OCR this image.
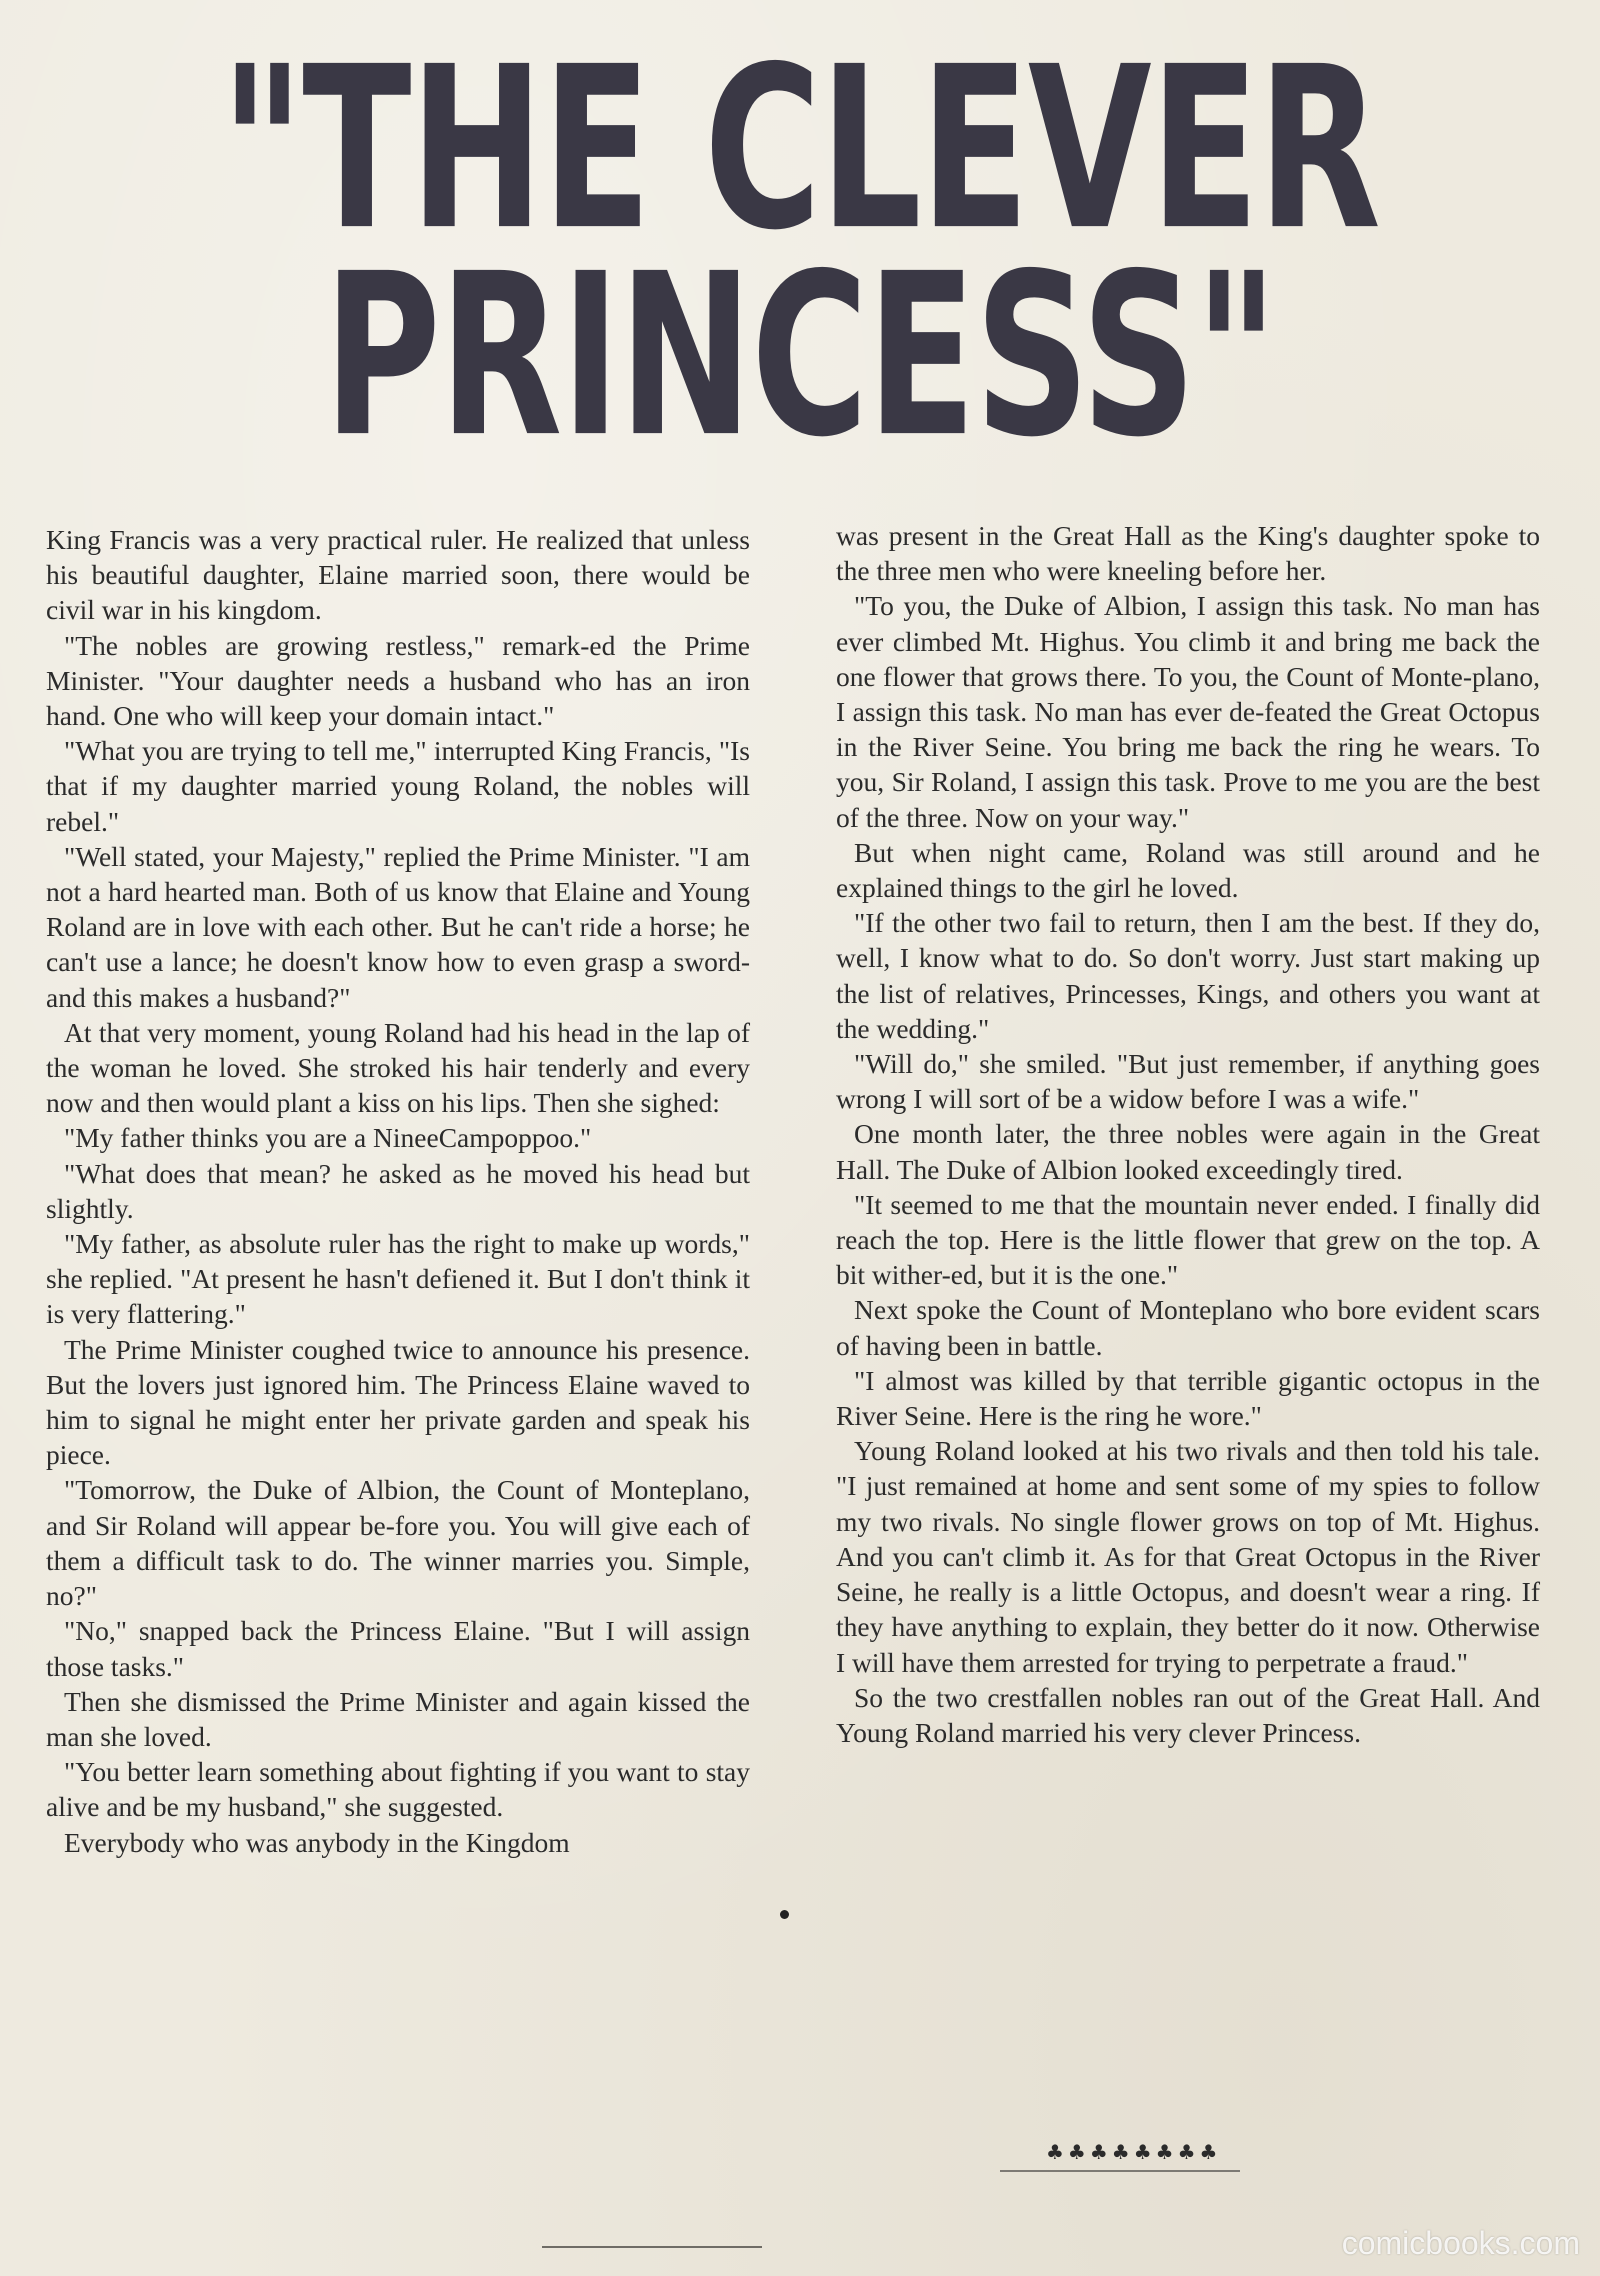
"THE CLEVER
PRINCESS"

King Francis was a very practical ruler. He realized that unless his beautiful daughter, Elaine married soon, there would be civil war in his kingdom.

"The nobles are growing restless," remark-ed the Prime Minister. "Your daughter needs a husband who has an iron hand. One who will keep your domain intact."

"What you are trying to tell me," interrupted King Francis, "Is that if my daughter married young Roland, the nobles will rebel."

"Well stated, your Majesty," replied the Prime Minister. "I am not a hard hearted man. Both of us know that Elaine and Young Roland are in love with each other. But he can't ride a horse; he can't use a lance; he doesn't know how to even grasp a sword-and this makes a husband?"

At that very moment, young Roland had his head in the lap of the woman he loved. She stroked his hair tenderly and every now and then would plant a kiss on his lips. Then she sighed:

"My father thinks you are a NineeCampoppoo."

"What does that mean? he asked as he moved his head but slightly.

"My father, as absolute ruler has the right to make up words," she replied. "At present he hasn't defiened it. But I don't think it is very flattering."

The Prime Minister coughed twice to announce his presence. But the lovers just ignored him. The Princess Elaine waved to him to signal he might enter her private garden and speak his piece.

"Tomorrow, the Duke of Albion, the Count of Monteplano, and Sir Roland will appear be-fore you. You will give each of them a difficult task to do. The winner marries you. Simple, no?"

"No," snapped back the Princess Elaine. "But I will assign those tasks."

Then she dismissed the Prime Minister and again kissed the man she loved.

"You better learn something about fighting if you want to stay alive and be my husband," she suggested.

Everybody who was anybody in the Kingdom

was present in the Great Hall as the King's daughter spoke to the three men who were kneeling before her.

"To you, the Duke of Albion, I assign this task. No man has ever climbed Mt. Highus. You climb it and bring me back the one flower that grows there. To you, the Count of Monte-plano, I assign this task. No man has ever de-feated the Great Octopus in the River Seine. You bring me back the ring he wears. To you, Sir Roland, I assign this task. Prove to me you are the best of the three. Now on your way."

But when night came, Roland was still around and he explained things to the girl he loved.

"If the other two fail to return, then I am the best. If they do, well, I know what to do. So don't worry. Just start making up the list of relatives, Princesses, Kings, and others you want at the wedding."

"Will do," she smiled. "But just remember, if anything goes wrong I will sort of be a widow before I was a wife."

One month later, the three nobles were again in the Great Hall. The Duke of Albion looked exceedingly tired.

"It seemed to me that the mountain never ended. I finally did reach the top. Here is the little flower that grew on the top. A bit wither-ed, but it is the one."

Next spoke the Count of Monteplano who bore evident scars of having been in battle.

"I almost was killed by that terrible gigantic octopus in the River Seine. Here is the ring he wore."

Young Roland looked at his two rivals and then told his tale. "I just remained at home and sent some of my spies to follow my two rivals. No single flower grows on top of Mt. Highus. And you can't climb it. As for that Great Octopus in the River Seine, he really is a little Octopus, and doesn't wear a ring. If they have anything to explain, they better do it now. Otherwise I will have them arrested for trying to perpetrate a fraud."

So the two crestfallen nobles ran out of the Great Hall. And Young Roland married his very clever Princess.

♣♣♣♣♣♣♣♣
comicbooks.com
